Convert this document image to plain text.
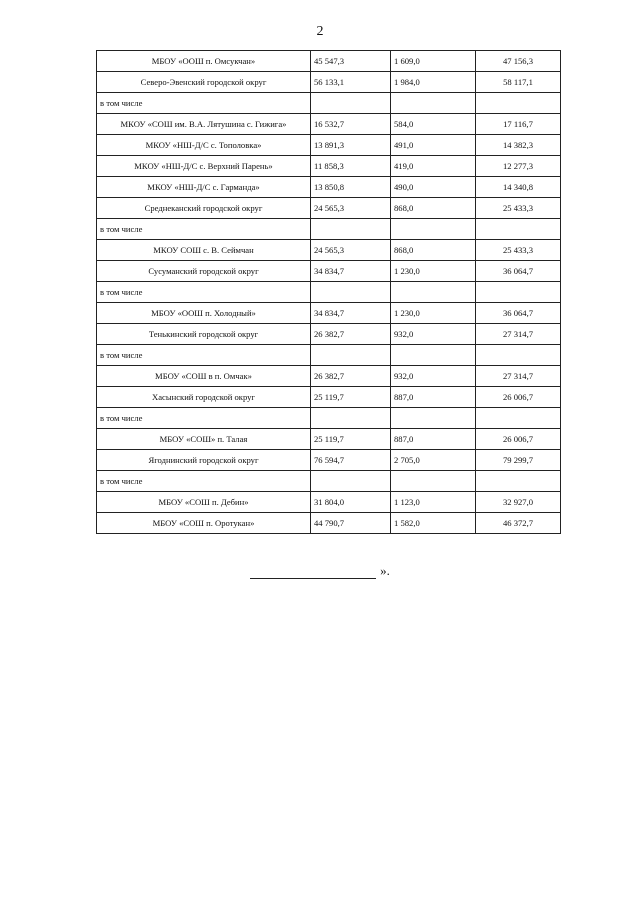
2
МБОУ «ООШ п. Омсукчан»	45 547,3	1 609,0	47 156,3
Северо-Эвенский городской округ	56 133,1	1 984,0	58 117,1
в том числе			
МКОУ «СОШ им. В.А. Лятушина с. Гижига»	16 532,7	584,0	17 116,7
МКОУ «НШ-Д/С с. Тополовка»	13 891,3	491,0	14 382,3
МКОУ «НШ-Д/С с. Верхний Парень»	11 858,3	419,0	12 277,3
МКОУ «НШ-Д/С с. Гарманда»	13 850,8	490,0	14 340,8
Среднеканский городской округ	24 565,3	868,0	25 433,3
в том числе			
МКОУ СОШ с. В. Сеймчан	24 565,3	868,0	25 433,3
Сусуманский городской округ	34 834,7	1 230,0	36 064,7
в том числе			
МБОУ «ООШ п. Холодный»	34 834,7	1 230,0	36 064,7
Тенькинский городской округ	26 382,7	932,0	27 314,7
в том числе			
МБОУ «СОШ в п. Омчак»	26 382,7	932,0	27 314,7
Хасынский городской округ	25 119,7	887,0	26 006,7
в том числе			
МБОУ «СОШ» п. Талая	25 119,7	887,0	26 006,7
Ягоднинский городской округ	76 594,7	2 705,0	79 299,7
в том числе			
МБОУ «СОШ п. Дебин»	31 804,0	1 123,0	32 927,0
МБОУ «СОШ п. Оротукан»	44 790,7	1 582,0	46 372,7
».
